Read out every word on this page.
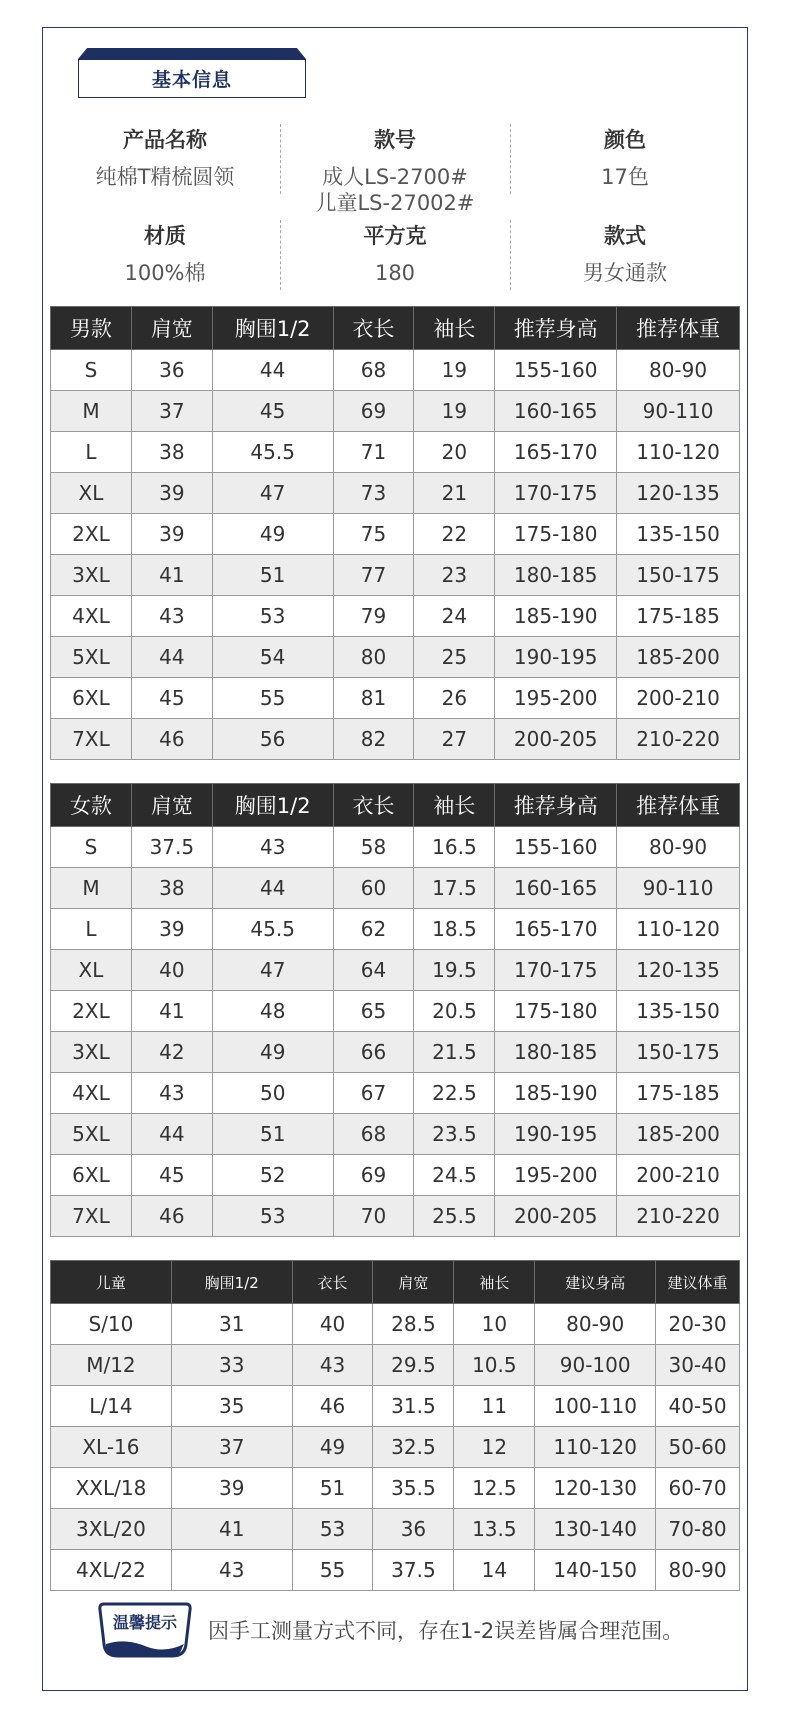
基本信息
产品名称
纯棉T精梳圆领
款号
成人LS-2700#
儿童LS-27002#
颜色
17色
材质
100%棉
平方克
180
款式
男女通款
男款	肩宽	胸围1/2	衣长	袖长	推荐身高	推荐体重
S	36	44	68	19	155-160	80-90
M	37	45	69	19	160-165	90-110
L	38	45.5	71	20	165-170	110-120
XL	39	47	73	21	170-175	120-135
2XL	39	49	75	22	175-180	135-150
3XL	41	51	77	23	180-185	150-175
4XL	43	53	79	24	185-190	175-185
5XL	44	54	80	25	190-195	185-200
6XL	45	55	81	26	195-200	200-210
7XL	46	56	82	27	200-205	210-220
女款	肩宽	胸围1/2	衣长	袖长	推荐身高	推荐体重
S	37.5	43	58	16.5	155-160	80-90
M	38	44	60	17.5	160-165	90-110
L	39	45.5	62	18.5	165-170	110-120
XL	40	47	64	19.5	170-175	120-135
2XL	41	48	65	20.5	175-180	135-150
3XL	42	49	66	21.5	180-185	150-175
4XL	43	50	67	22.5	185-190	175-185
5XL	44	51	68	23.5	190-195	185-200
6XL	45	52	69	24.5	195-200	200-210
7XL	46	53	70	25.5	200-205	210-220
儿童	胸围1/2	衣长	肩宽	袖长	建议身高	建议体重
S/10	31	40	28.5	10	80-90	20-30
M/12	33	43	29.5	10.5	90-100	30-40
L/14	35	46	31.5	11	100-110	40-50
XL-16	37	49	32.5	12	110-120	50-60
XXL/18	39	51	35.5	12.5	120-130	60-70
3XL/20	41	53	36	13.5	130-140	70-80
4XL/22	43	55	37.5	14	140-150	80-90
温馨提示	因手工测量方式不同，存在1-2误差皆属合理范围。
